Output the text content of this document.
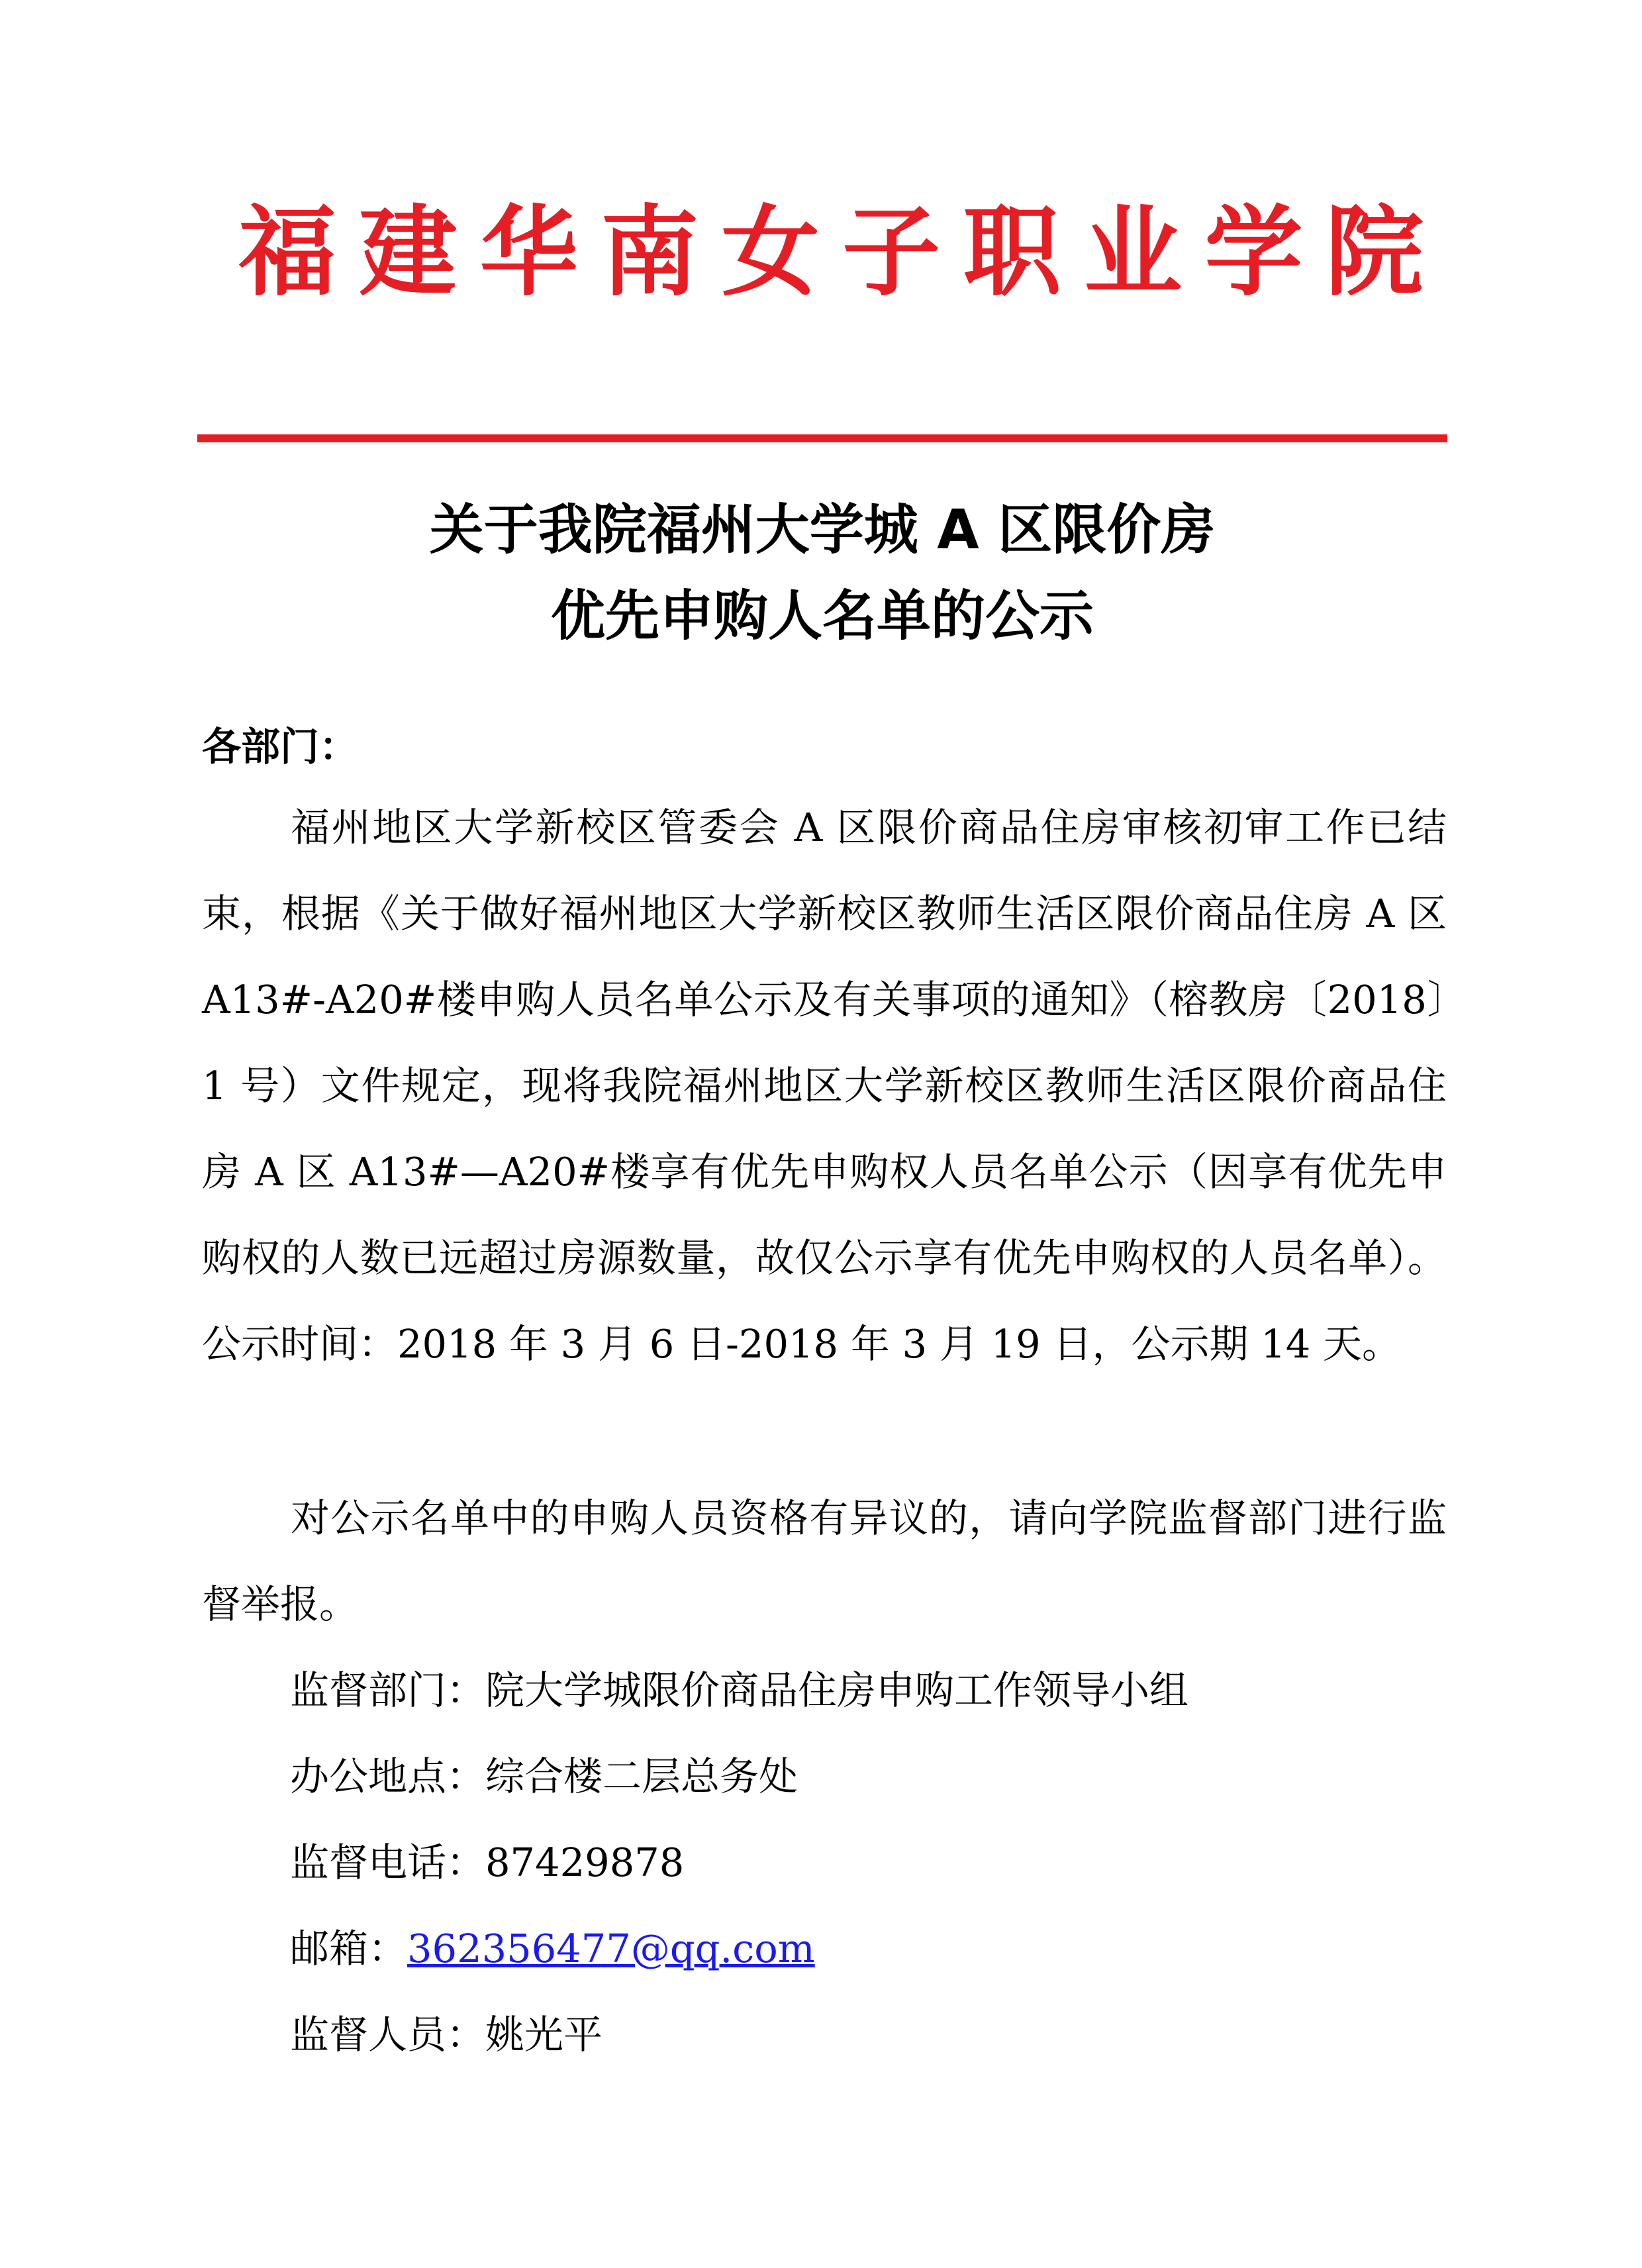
福 建 华 南 女 子 职 业 学 院
关于我院福州大学城 A 区限价房
优先申购人名单的公示
各部门：
福州地区大学新校区管委会 A 区限价商品住房审核初审工作已结束，根据《关于做好福州地区大学新校区教师生活区限价商品住房 A 区 A13#-A20#楼申购人员名单公示及有关事项的通知》（榕教房〔2018〕1 号）文件规定，现将我院福州地区大学新校区教师生活区限价商品住房 A 区 A13#—A20#楼享有优先申购权人员名单公示（因享有优先申购权的人数已远超过房源数量，故仅公示享有优先申购权的人员名单）。公示时间：2018 年 3 月 6 日-2018 年 3 月 19 日，公示期 14 天。
对公示名单中的申购人员资格有异议的，请向学院监督部门进行监督举报。
监督部门：院大学城限价商品住房申购工作领导小组
办公地点：综合楼二层总务处
监督电话：87429878
邮箱：362356477@qq.com
监督人员：姚光平
